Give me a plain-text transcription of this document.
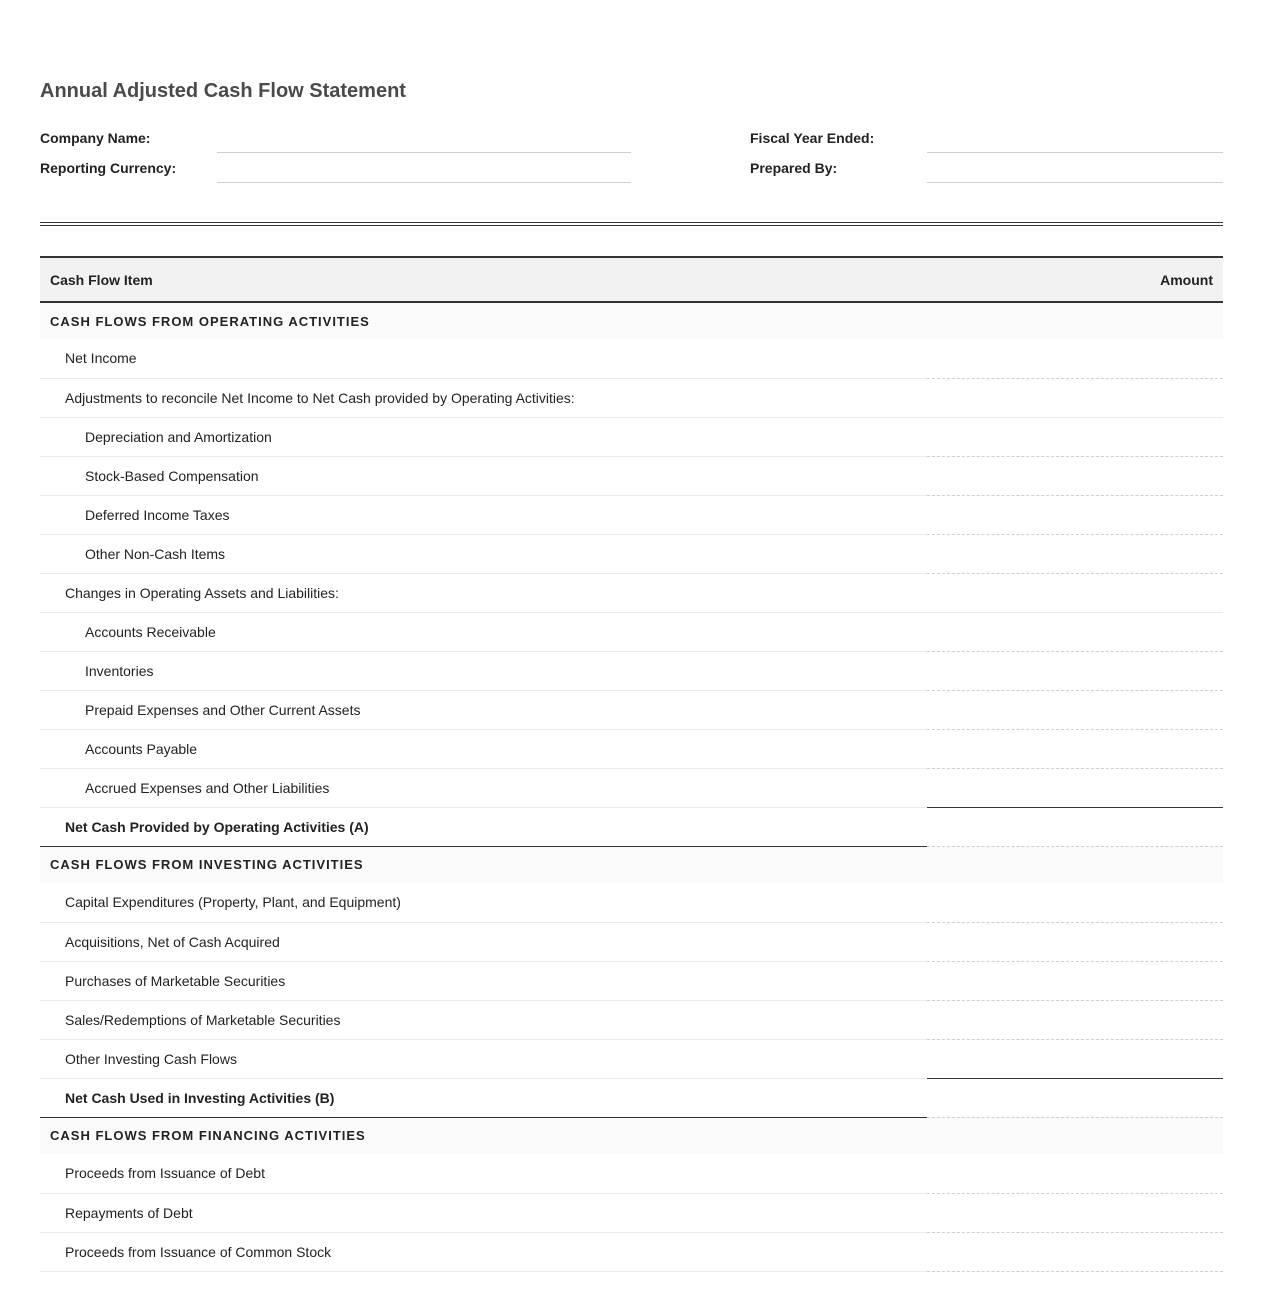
Annual Adjusted Cash Flow Statement
Company Name:
Reporting Currency:
Fiscal Year Ended:
Prepared By:
Cash Flow Item	Amount
CASH FLOWS FROM OPERATING ACTIVITIES	
Net Income	
Adjustments to reconcile Net Income to Net Cash provided by Operating Activities:	
Depreciation and Amortization	
Stock-Based Compensation	
Deferred Income Taxes	
Other Non-Cash Items	
Changes in Operating Assets and Liabilities:	
Accounts Receivable	
Inventories	
Prepaid Expenses and Other Current Assets	
Accounts Payable	
Accrued Expenses and Other Liabilities	
Net Cash Provided by Operating Activities (A)	
CASH FLOWS FROM INVESTING ACTIVITIES	
Capital Expenditures (Property, Plant, and Equipment)	
Acquisitions, Net of Cash Acquired	
Purchases of Marketable Securities	
Sales/Redemptions of Marketable Securities	
Other Investing Cash Flows	
Net Cash Used in Investing Activities (B)	
CASH FLOWS FROM FINANCING ACTIVITIES	
Proceeds from Issuance of Debt	
Repayments of Debt	
Proceeds from Issuance of Common Stock	
